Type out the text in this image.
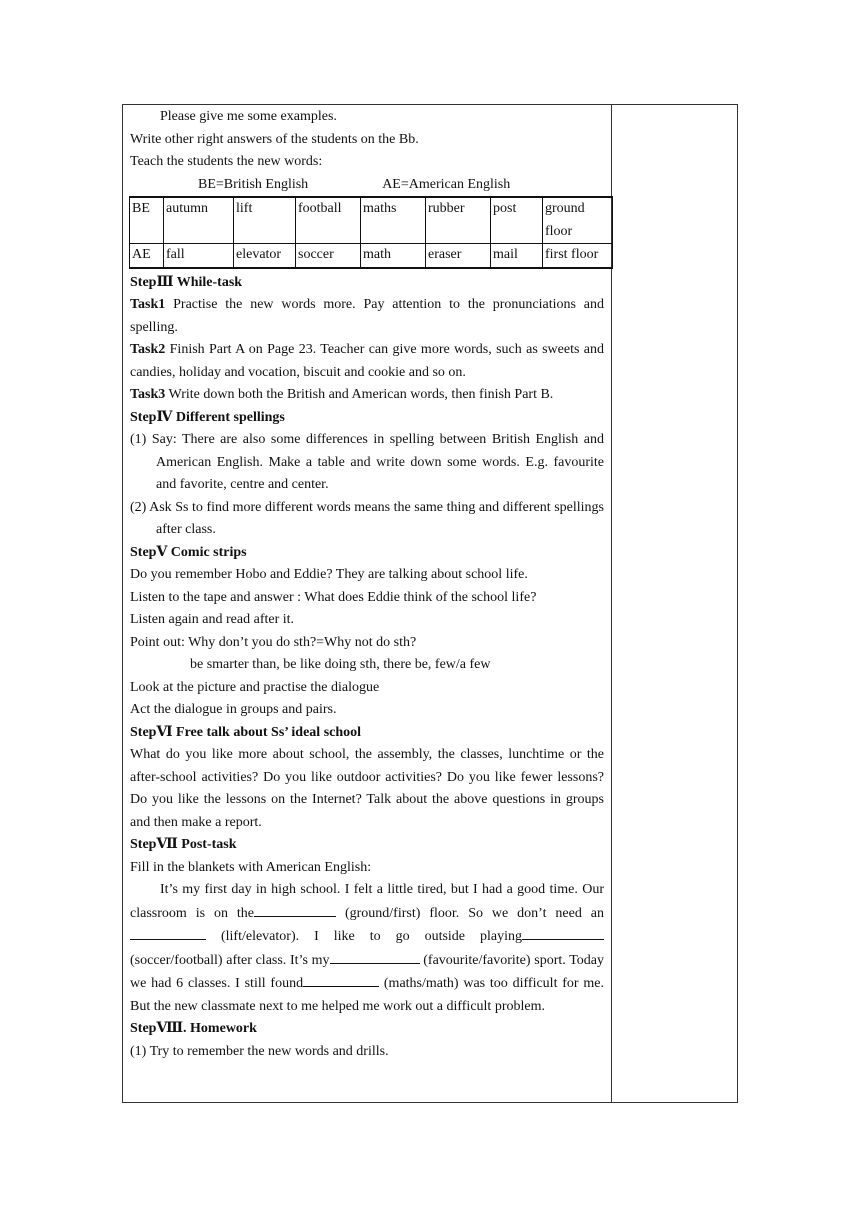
Please give me some examples.

Write other right answers of the students on the Bb.

Teach the students the new words:

BE=British English	AE=American English

BE	autumn	lift	football	maths	rubber	post	ground floor
AE	fall	elevator	soccer	math	eraser	mail	first floor

StepⅢ While-task

Task1 Practise the new words more. Pay attention to the pronunciations and spelling.

Task2 Finish Part A on Page 23. Teacher can give more words, such as sweets and candies, holiday and vocation, biscuit and cookie and so on.

Task3 Write down both the British and American words, then finish Part B.

StepⅣ Different spellings

(1) Say: There are also some differences in spelling between British English and American English. Make a table and write down some words. E.g. favourite and favorite, centre and center.

(2) Ask Ss to find more different words means the same thing and different spellings after class.

StepⅤ Comic strips

Do you remember Hobo and Eddie? They are talking about school life.

Listen to the tape and answer : What does Eddie think of the school life?

Listen again and read after it.

Point out: Why don’t you do sth?=Why not do sth?

be smarter than, be like doing sth, there be, few/a few

Look at the picture and practise the dialogue

Act the dialogue in groups and pairs.

StepⅥ Free talk about Ss’ ideal school

What do you like more about school, the assembly, the classes, lunchtime or the after-school activities? Do you like outdoor activities? Do you like fewer lessons? Do you like the lessons on the Internet? Talk about the above questions in groups and then make a report.

StepⅦ Post-task

Fill in the blankets with American English:

It’s my first day in high school. I felt a little tired, but I had a good time. Our classroom is on the	(ground/first) floor. So we don’t need an (lift/elevator). I like to go outside playing(soccer/football) after class. It’s my	(favourite/favorite) sport. Today we had 6 classes. I still found	(maths/math) was too difficult for me. But the new classmate next to me helped me work out a difficult problem.

StepⅧ. Homework

(1) Try to remember the new words and drills.
